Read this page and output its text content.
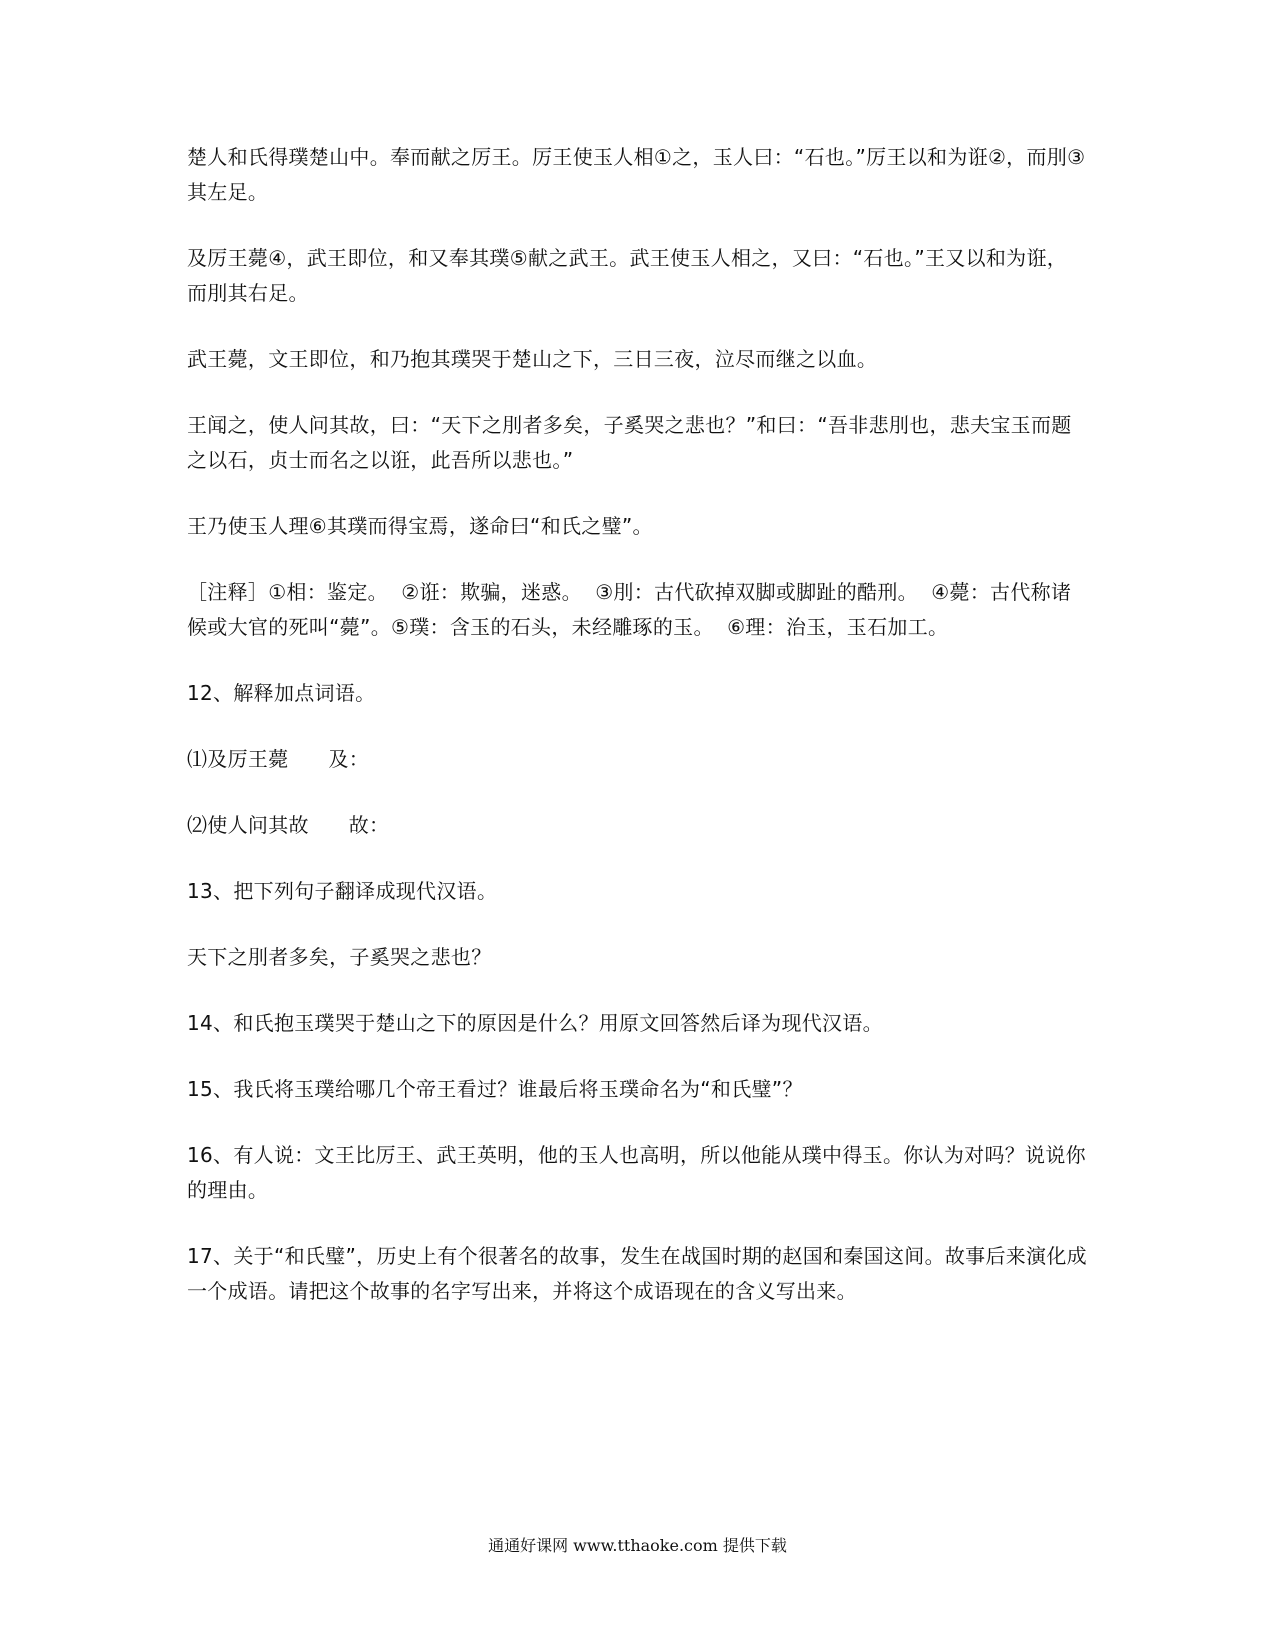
楚人和氏得璞楚山中。奉而献之厉王。厉王使玉人相①之，玉人曰：“石也。”厉王以和为诳②，而刖③其左足。

及厉王薨④，武王即位，和又奉其璞⑤献之武王。武王使玉人相之，又曰：“石也。”王又以和为诳，而刖其右足。

武王薨，文王即位，和乃抱其璞哭于楚山之下，三日三夜，泣尽而继之以血。

王闻之，使人问其故，曰：“天下之刖者多矣，子奚哭之悲也？”和曰：“吾非悲刖也，悲夫宝玉而题之以石，贞士而名之以诳，此吾所以悲也。”

王乃使玉人理⑥其璞而得宝焉，遂命曰“和氏之璧”。

［注释］①相：鉴定。  ②诳：欺骗，迷惑。  ③刖：古代砍掉双脚或脚趾的酷刑。  ④薨：古代称诸候或大官的死叫“薨”。⑤璞：含玉的石头，未经雕琢的玉。  ⑥理：治玉，玉石加工。

12、解释加点词语。

⑴及厉王薨      及：

⑵使人问其故      故：

13、把下列句子翻译成现代汉语。

天下之刖者多矣，子奚哭之悲也？

14、和氏抱玉璞哭于楚山之下的原因是什么？用原文回答然后译为现代汉语。

15、我氏将玉璞给哪几个帝王看过？谁最后将玉璞命名为“和氏璧”？

16、有人说：文王比厉王、武王英明，他的玉人也高明，所以他能从璞中得玉。你认为对吗？说说你的理由。

17、关于“和氏璧”，历史上有个很著名的故事，发生在战国时期的赵国和秦国这间。故事后来演化成一个成语。请把这个故事的名字写出来，并将这个成语现在的含义写出来。

通通好课网 www.tthaoke.com 提供下载
